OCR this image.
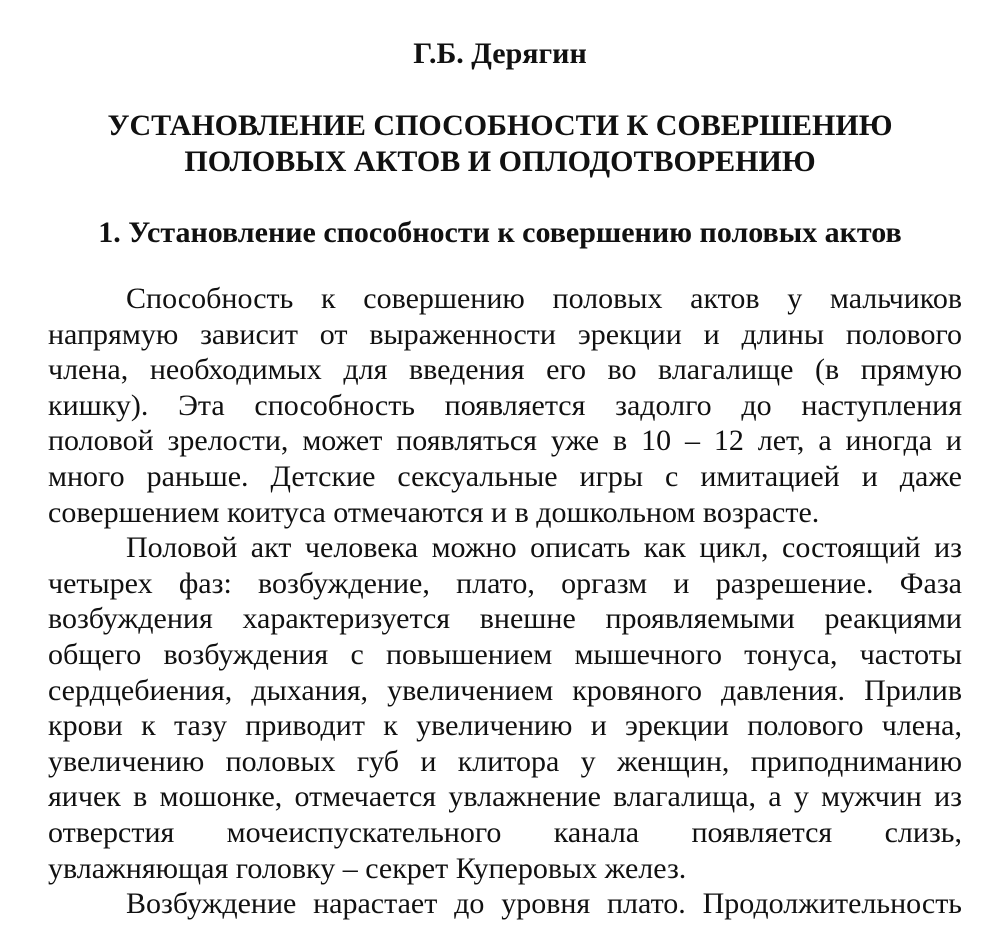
Г.Б. Дерягин
УСТАНОВЛЕНИЕ СПОСОБНОСТИ К СОВЕРШЕНИЮ
ПОЛОВЫХ АКТОВ И ОПЛОДОТВОРЕНИЮ
1. Установление способности к совершению половых актов
Способность к совершению половых актов у мальчиков
напрямую зависит от выраженности эрекции и длины полового
члена, необходимых для введения его во влагалище (в прямую
кишку). Эта способность появляется задолго до наступления
половой зрелости, может появляться уже в 10 – 12 лет, а иногда и
много раньше. Детские сексуальные игры с имитацией и даже
совершением коитуса отмечаются и в дошкольном возрасте.
Половой акт человека можно описать как цикл, состоящий из
четырех фаз: возбуждение, плато, оргазм и разрешение. Фаза
возбуждения характеризуется внешне проявляемыми реакциями
общего возбуждения с повышением мышечного тонуса, частоты
сердцебиения, дыхания, увеличением кровяного давления. Прилив
крови к тазу приводит к увеличению и эрекции полового члена,
увеличению половых губ и клитора у женщин, приподниманию
яичек в мошонке, отмечается увлажнение влагалища, а у мужчин из
отверстия мочеиспускательного канала появляется слизь,
увлажняющая головку – секрет Куперовых желез.
Возбуждение нарастает до уровня плато. Продолжительность
